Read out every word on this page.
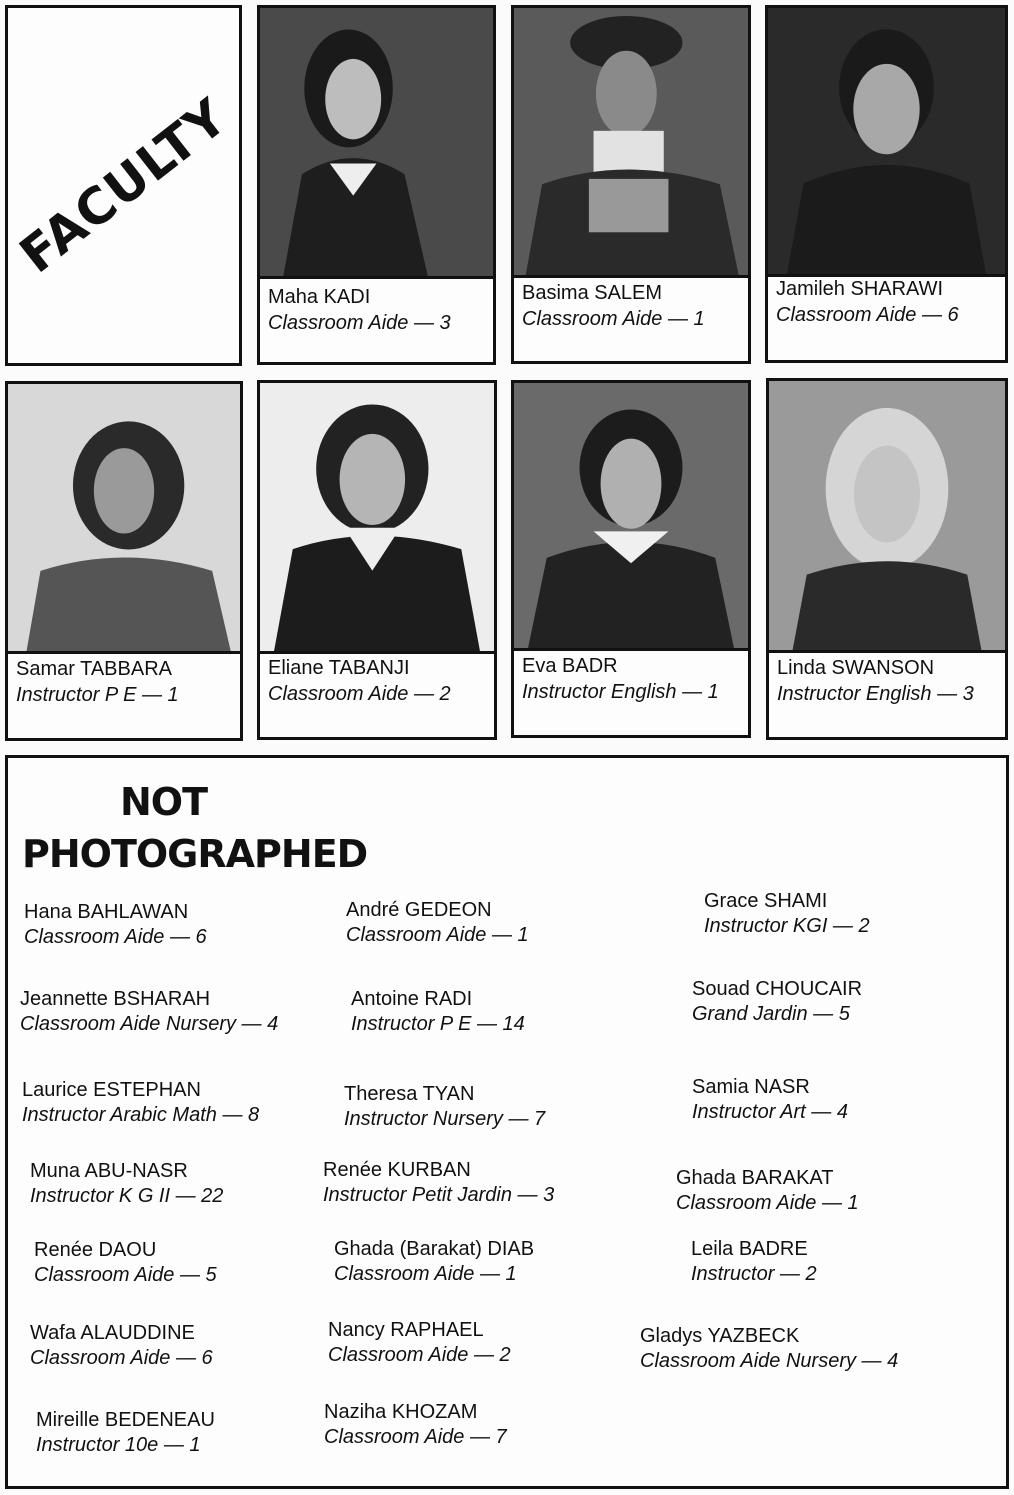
FACULTY
Maha KADI
Classroom Aide — 3
Basima SALEM
Classroom Aide — 1
Jamileh SHARAWI
Classroom Aide — 6
Samar TABBARA
Instructor P E — 1
Eliane TABANJI
Classroom Aide — 2
Eva BADR
Instructor English — 1
Linda SWANSON
Instructor English — 3
NOT
PHOTOGRAPHED
Hana BAHLAWAN
Classroom Aide — 6
Jeannette BSHARAH
Classroom Aide Nursery — 4
Laurice ESTEPHAN
Instructor Arabic Math — 8
Muna ABU-NASR
Instructor K G II — 22
Renée DAOU
Classroom Aide — 5
Wafa ALAUDDINE
Classroom Aide — 6
Mireille BEDENEAU
Instructor 10e — 1
André GEDEON
Classroom Aide — 1
Antoine RADI
Instructor P E — 14
Theresa TYAN
Instructor Nursery — 7
Renée KURBAN
Instructor Petit Jardin — 3
Ghada (Barakat) DIAB
Classroom Aide — 1
Nancy RAPHAEL
Classroom Aide — 2
Naziha KHOZAM
Classroom Aide — 7
Grace SHAMI
Instructor KGI — 2
Souad CHOUCAIR
Grand Jardin — 5
Samia NASR
Instructor Art — 4
Ghada BARAKAT
Classroom Aide — 1
Leila BADRE
Instructor — 2
Gladys YAZBECK
Classroom Aide Nursery — 4
